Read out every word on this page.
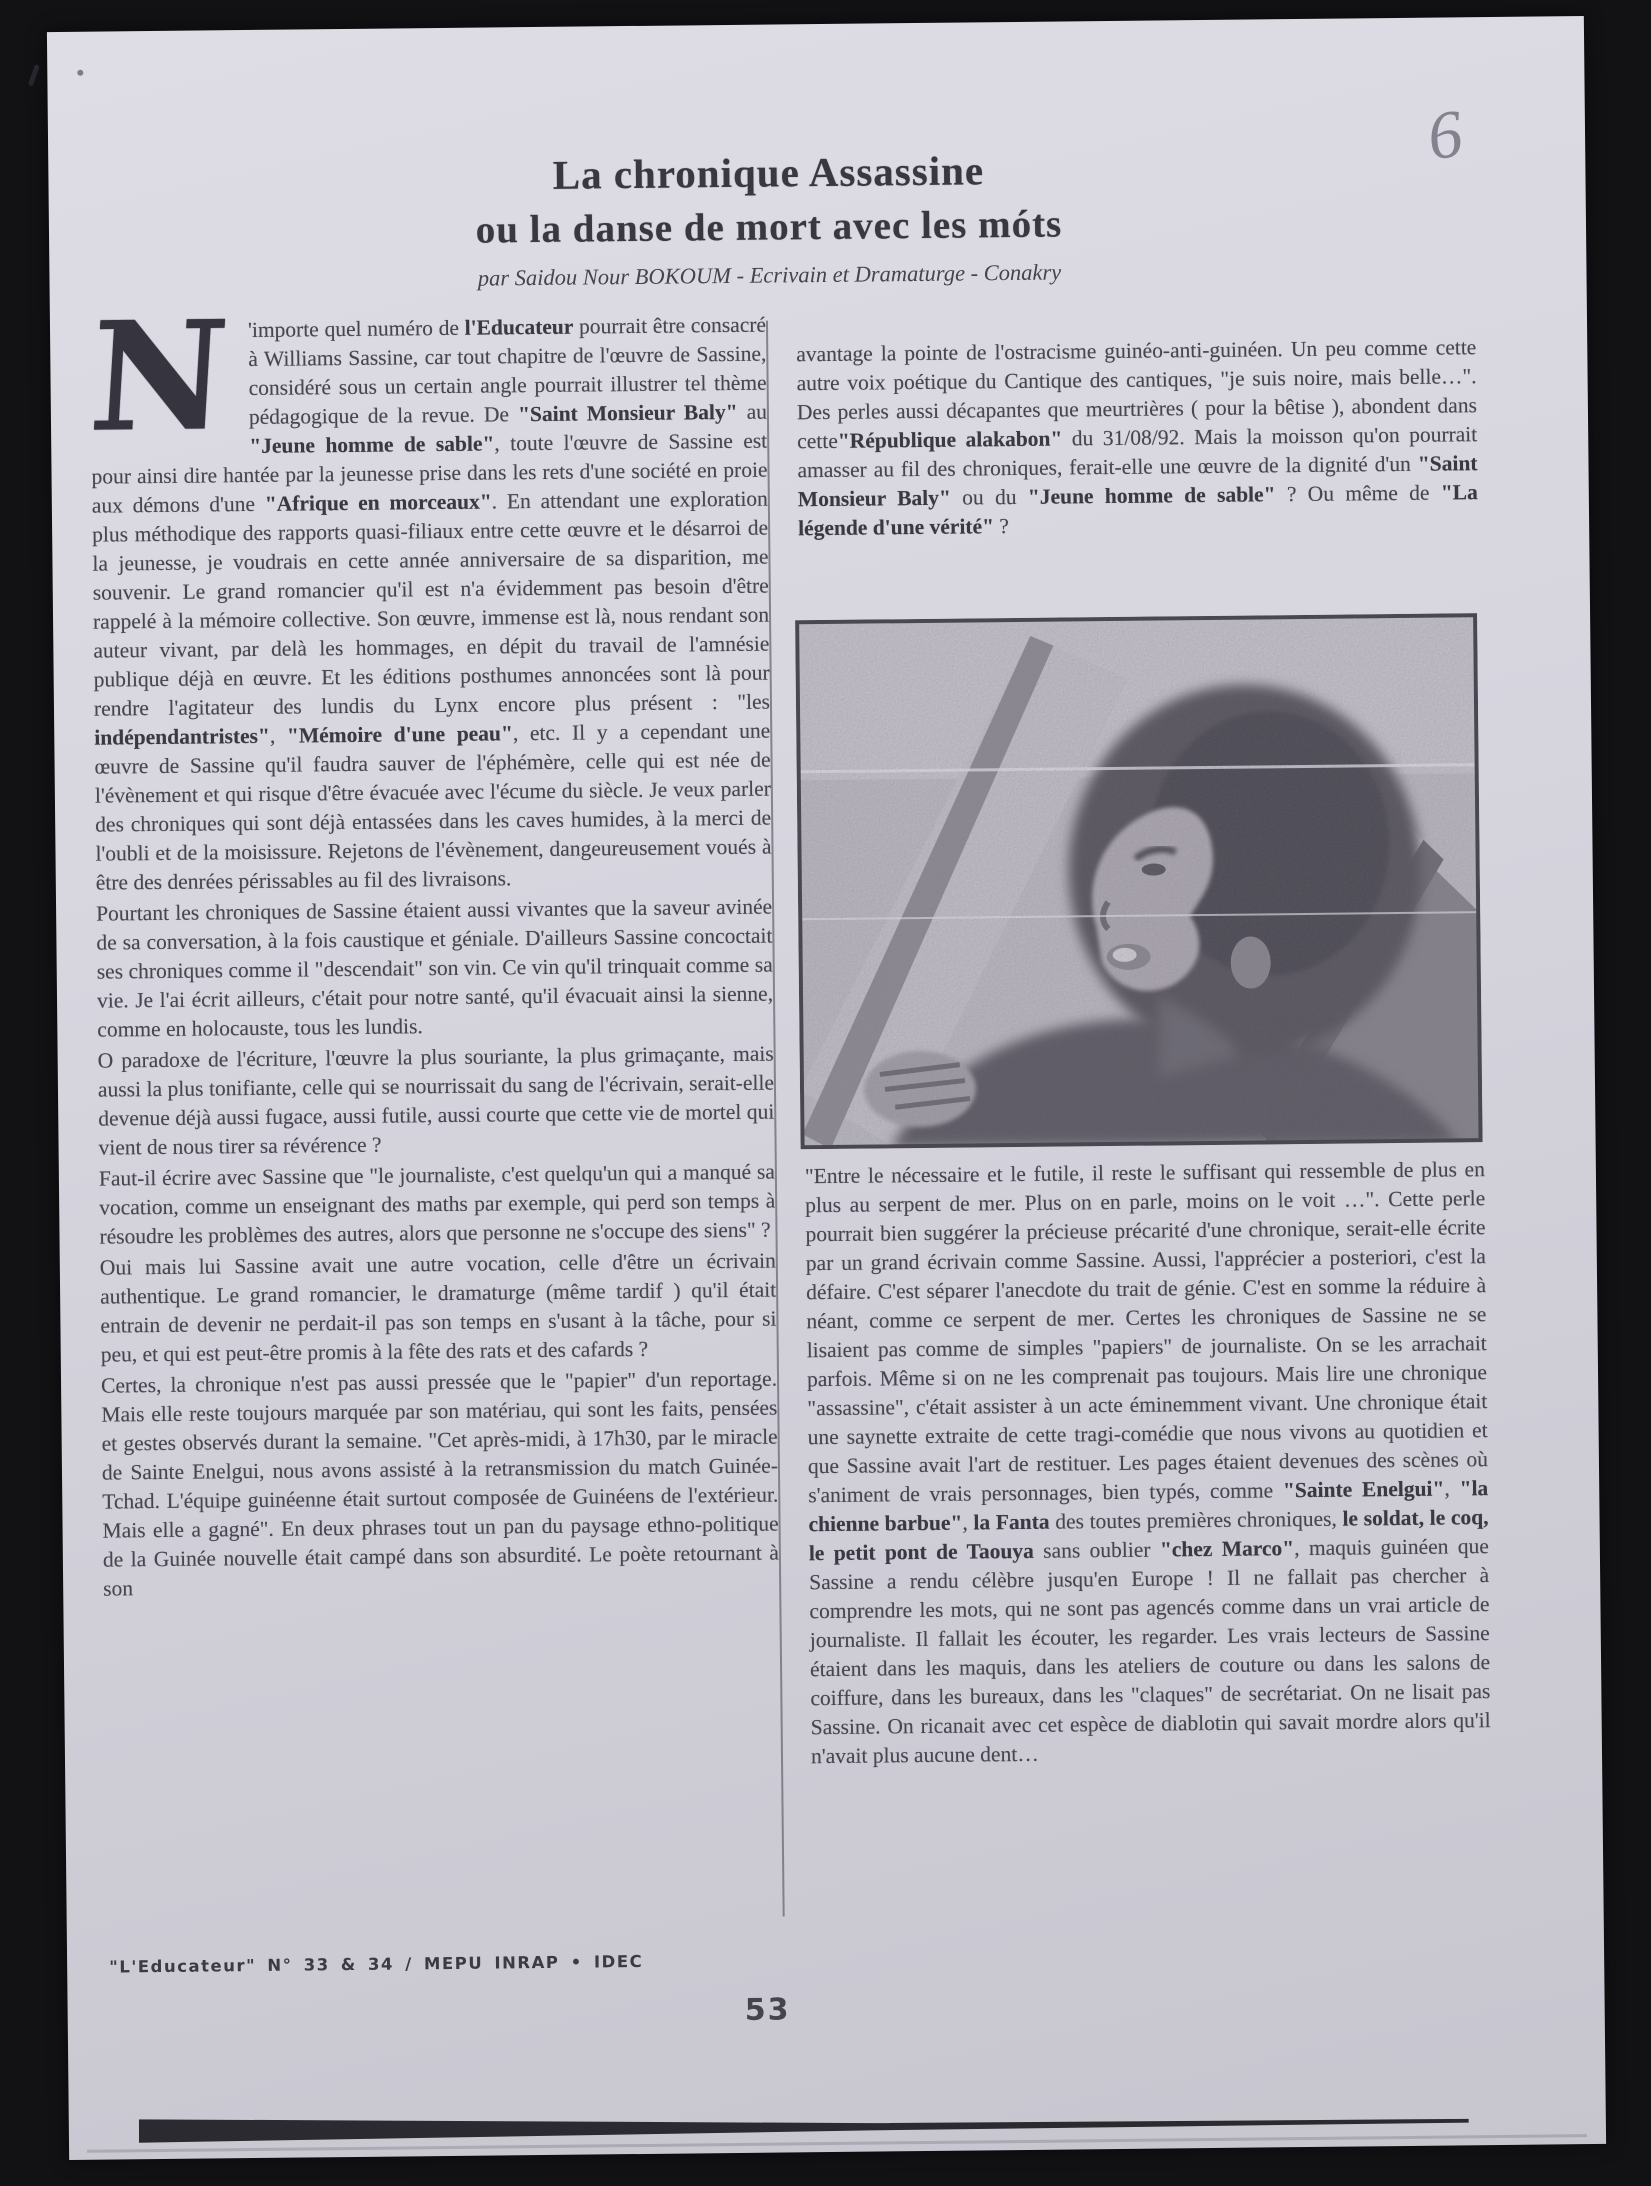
6
La chronique Assassine
ou la danse de mort avec les móts
par Saidou Nour BOKOUM - Ecrivain et Dramaturge - Conakry
N 'importe quel numéro de l'Educateur pourrait être consacré à Williams Sassine, car tout chapitre de l'œuvre de Sassine, considéré sous un certain angle pourrait illustrer tel thème pédagogique de la revue. De "Saint Monsieur Baly" au "Jeune homme de sable", toute l'œuvre de Sassine est pour ainsi dire hantée par la jeunesse prise dans les rets d'une société en proie aux démons d'une "Afrique en morceaux". En attendant une exploration plus méthodique des rapports quasi-filiaux entre cette œuvre et le désarroi de la jeunesse, je voudrais en cette année anniversaire de sa disparition, me souvenir. Le grand romancier qu'il est n'a évidemment pas besoin d'être rappelé à la mémoire collective. Son œuvre, immense est là, nous rendant son auteur vivant, par delà les hommages, en dépit du travail de l'amnésie publique déjà en œuvre. Et les éditions posthumes annoncées sont là pour rendre l'agitateur des lundis du Lynx encore plus présent : "les indépendantristes", "Mémoire d'une peau", etc. Il y a cependant une œuvre de Sassine qu'il faudra sauver de l'éphémère, celle qui est née de l'évènement et qui risque d'être évacuée avec l'écume du siècle. Je veux parler des chroniques qui sont déjà entassées dans les caves humides, à la merci de l'oubli et de la moisissure. Rejetons de l'évènement, dangeureusement voués à être des denrées périssables au fil des livraisons.

Pourtant les chroniques de Sassine étaient aussi vivantes que la saveur avinée de sa conversation, à la fois caustique et géniale. D'ailleurs Sassine concoctait ses chroniques comme il "descendait" son vin. Ce vin qu'il trinquait comme sa vie. Je l'ai écrit ailleurs, c'était pour notre santé, qu'il évacuait ainsi la sienne, comme en holocauste, tous les lundis.

O paradoxe de l'écriture, l'œuvre la plus souriante, la plus grimaçante, mais aussi la plus tonifiante, celle qui se nourrissait du sang de l'écrivain, serait-elle devenue déjà aussi fugace, aussi futile, aussi courte que cette vie de mortel qui vient de nous tirer sa révérence ?

Faut-il écrire avec Sassine que "le journaliste, c'est quelqu'un qui a manqué sa vocation, comme un enseignant des maths par exemple, qui perd son temps à résoudre les problèmes des autres, alors que personne ne s'occupe des siens" ?

Oui mais lui Sassine avait une autre vocation, celle d'être un écrivain authentique. Le grand romancier, le dramaturge (même tardif ) qu'il était entrain de devenir ne perdait-il pas son temps en s'usant à la tâche, pour si peu, et qui est peut-être promis à la fête des rats et des cafards ?

Certes, la chronique n'est pas aussi pressée que le "papier" d'un reportage. Mais elle reste toujours marquée par son matériau, qui sont les faits, pensées et gestes observés durant la semaine. "Cet après-midi, à 17h30, par le miracle de Sainte Enelgui, nous avons assisté à la retransmission du match Guinée-Tchad. L'équipe guinéenne était surtout composée de Guinéens de l'extérieur. Mais elle a gagné". En deux phrases tout un pan du paysage ethno-politique de la Guinée nouvelle était campé dans son absurdité. Le poète retournant à son

avantage la pointe de l'ostracisme guinéo-anti-guinéen. Un peu comme cette autre voix poétique du Cantique des cantiques, "je suis noire, mais belle…". Des perles aussi décapantes que meurtrières ( pour la bêtise ), abondent dans cette"République alakabon" du 31/08/92. Mais la moisson qu'on pourrait amasser au fil des chroniques, ferait-elle une œuvre de la dignité d'un "Saint Monsieur Baly" ou du "Jeune homme de sable" ? Ou même de "La légende d'une vérité" ?

"Entre le nécessaire et le futile, il reste le suffisant qui ressemble de plus en plus au serpent de mer. Plus on en parle, moins on le voit …". Cette perle pourrait bien suggérer la précieuse précarité d'une chronique, serait-elle écrite par un grand écrivain comme Sassine. Aussi, l'apprécier a posteriori, c'est la défaire. C'est séparer l'anecdote du trait de génie. C'est en somme la réduire à néant, comme ce serpent de mer. Certes les chroniques de Sassine ne se lisaient pas comme de simples "papiers" de journaliste. On se les arrachait parfois. Même si on ne les comprenait pas toujours. Mais lire une chronique "assassine", c'était assister à un acte éminemment vivant. Une chronique était une saynette extraite de cette tragi-comédie que nous vivons au quotidien et que Sassine avait l'art de restituer. Les pages étaient devenues des scènes où s'animent de vrais personnages, bien typés, comme "Sainte Enelgui", "la chienne barbue", la Fanta des toutes premières chroniques, le soldat, le coq, le petit pont de Taouya sans oublier "chez Marco", maquis guinéen que Sassine a rendu célèbre jusqu'en Europe ! Il ne fallait pas chercher à comprendre les mots, qui ne sont pas agencés comme dans un vrai article de journaliste. Il fallait les écouter, les regarder. Les vrais lecteurs de Sassine étaient dans les maquis, dans les ateliers de couture ou dans les salons de coiffure, dans les bureaux, dans les "claques" de secrétariat. On ne lisait pas Sassine. On ricanait avec cet espèce de diablotin qui savait mordre alors qu'il n'avait plus aucune dent…

"L'Educateur" N° 33 & 34 / MEPU INRAP • IDEC
53
